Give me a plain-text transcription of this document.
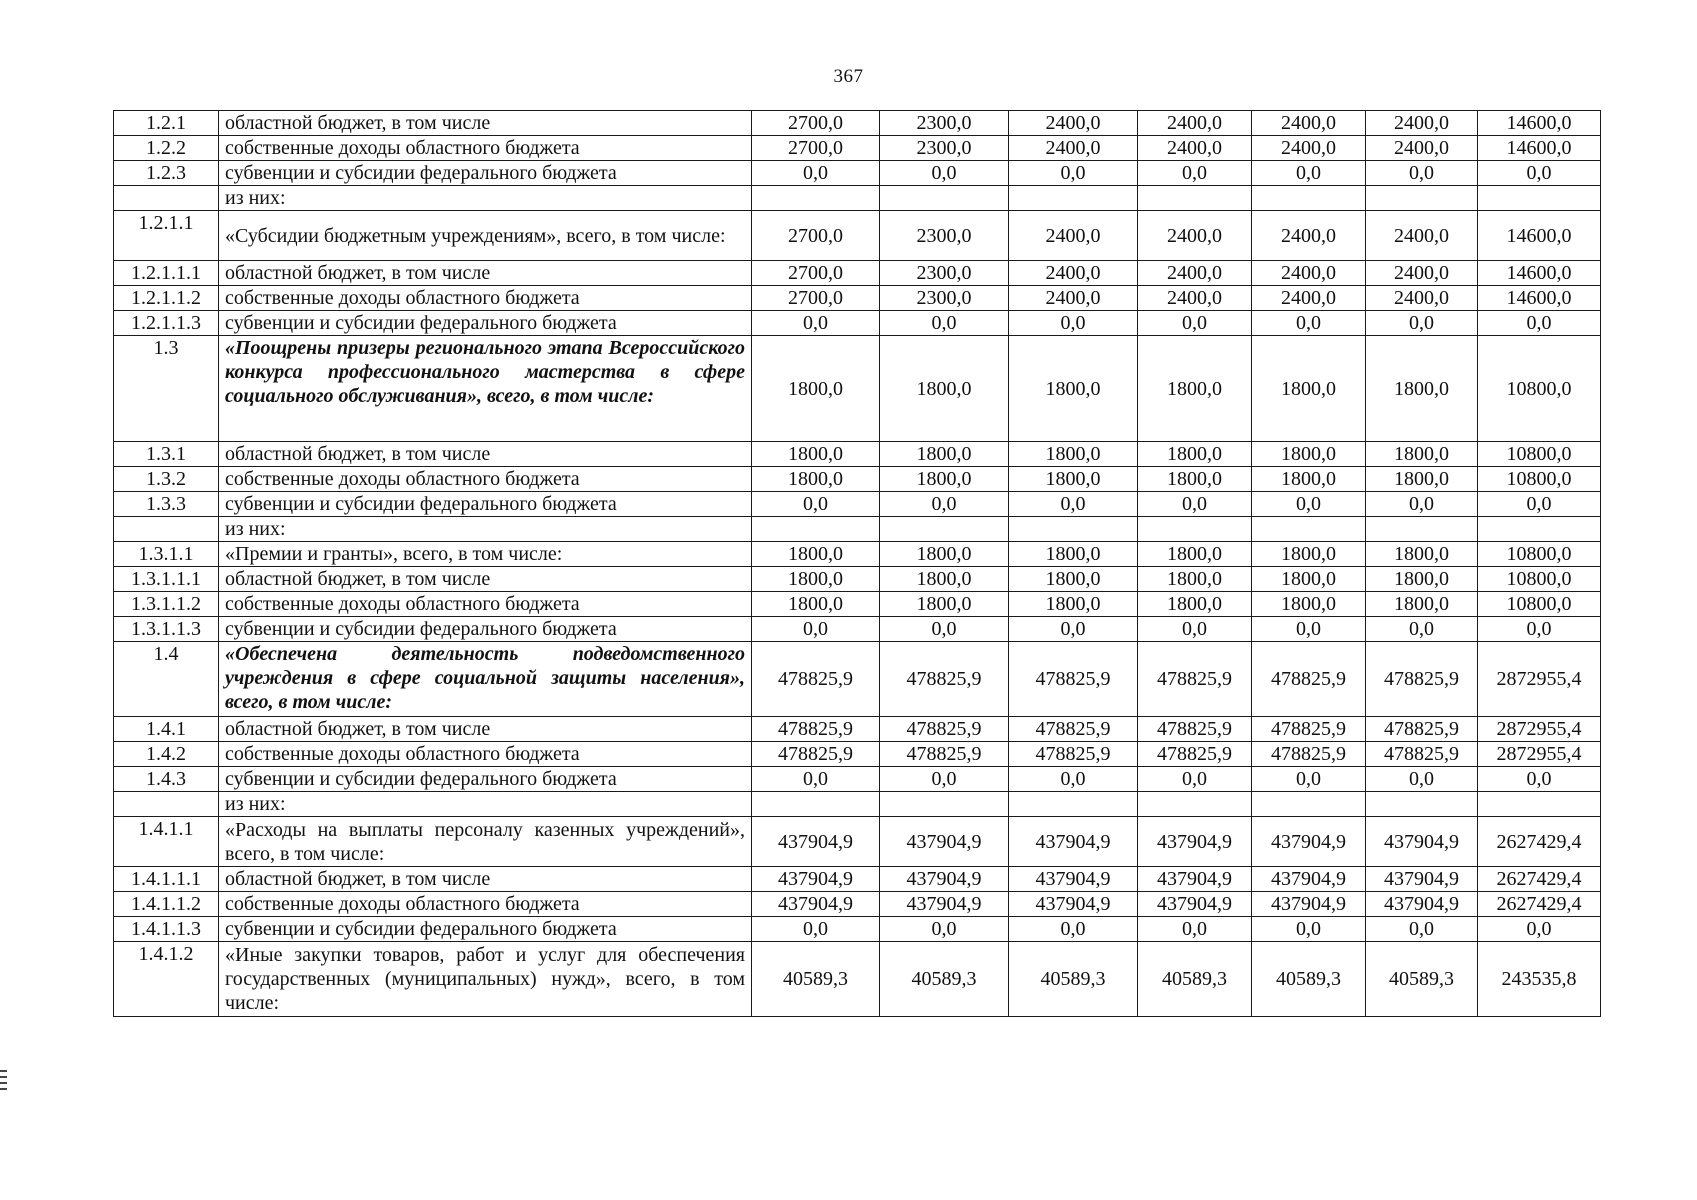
367
1.2.1	областной бюджет, в том числе	2700,0	2300,0	2400,0	2400,0	2400,0	2400,0	14600,0
1.2.2	собственные доходы областного бюджета	2700,0	2300,0	2400,0	2400,0	2400,0	2400,0	14600,0
1.2.3	субвенции и субсидии федерального бюджета	0,0	0,0	0,0	0,0	0,0	0,0	0,0
	из них:							
1.2.1.1	«Субсидии бюджетным учреждениям», всего, в том числе:	2700,0	2300,0	2400,0	2400,0	2400,0	2400,0	14600,0
1.2.1.1.1	областной бюджет, в том числе	2700,0	2300,0	2400,0	2400,0	2400,0	2400,0	14600,0
1.2.1.1.2	собственные доходы областного бюджета	2700,0	2300,0	2400,0	2400,0	2400,0	2400,0	14600,0
1.2.1.1.3	субвенции и субсидии федерального бюджета	0,0	0,0	0,0	0,0	0,0	0,0	0,0
1.3	«Поощрены призеры регионального этапа Всероссийского конкурса профессионального мастерства в сфере социального обслуживания», всего, в том числе:	1800,0	1800,0	1800,0	1800,0	1800,0	1800,0	10800,0
1.3.1	областной бюджет, в том числе	1800,0	1800,0	1800,0	1800,0	1800,0	1800,0	10800,0
1.3.2	собственные доходы областного бюджета	1800,0	1800,0	1800,0	1800,0	1800,0	1800,0	10800,0
1.3.3	субвенции и субсидии федерального бюджета	0,0	0,0	0,0	0,0	0,0	0,0	0,0
	из них:							
1.3.1.1	«Премии и гранты», всего, в том числе:	1800,0	1800,0	1800,0	1800,0	1800,0	1800,0	10800,0
1.3.1.1.1	областной бюджет, в том числе	1800,0	1800,0	1800,0	1800,0	1800,0	1800,0	10800,0
1.3.1.1.2	собственные доходы областного бюджета	1800,0	1800,0	1800,0	1800,0	1800,0	1800,0	10800,0
1.3.1.1.3	субвенции и субсидии федерального бюджета	0,0	0,0	0,0	0,0	0,0	0,0	0,0
1.4	«Обеспечена деятельность подведомственного учреждения в сфере социальной защиты населения», всего, в том числе:	478825,9	478825,9	478825,9	478825,9	478825,9	478825,9	2872955,4
1.4.1	областной бюджет, в том числе	478825,9	478825,9	478825,9	478825,9	478825,9	478825,9	2872955,4
1.4.2	собственные доходы областного бюджета	478825,9	478825,9	478825,9	478825,9	478825,9	478825,9	2872955,4
1.4.3	субвенции и субсидии федерального бюджета	0,0	0,0	0,0	0,0	0,0	0,0	0,0
	из них:							
1.4.1.1	«Расходы на выплаты персоналу казенных учреждений», всего, в том числе:	437904,9	437904,9	437904,9	437904,9	437904,9	437904,9	2627429,4
1.4.1.1.1	областной бюджет, в том числе	437904,9	437904,9	437904,9	437904,9	437904,9	437904,9	2627429,4
1.4.1.1.2	собственные доходы областного бюджета	437904,9	437904,9	437904,9	437904,9	437904,9	437904,9	2627429,4
1.4.1.1.3	субвенции и субсидии федерального бюджета	0,0	0,0	0,0	0,0	0,0	0,0	0,0
1.4.1.2	«Иные закупки товаров, работ и услуг для обеспечения государственных (муниципальных) нужд», всего, в том числе:	40589,3	40589,3	40589,3	40589,3	40589,3	40589,3	243535,8
